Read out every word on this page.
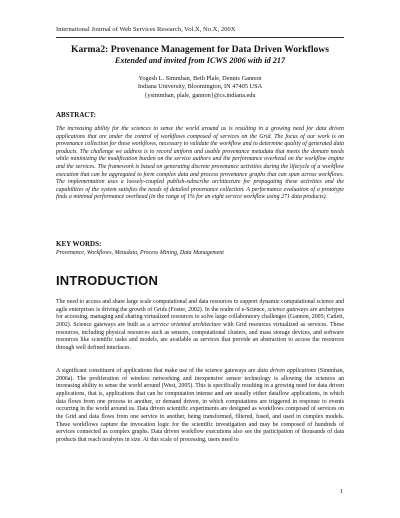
International Journal of Web Services Research, Vol.X, No.X, 200X
Karma2: Provenance Management for Data Driven Workflows
Extended and invited from ICWS 2006 with id 217
Yogesh L. Simmhan, Beth Plale, Dennis Gannon
Indiana University, Bloomington, IN 47405 USA
{ysimmhan, plale, gannon}@cs.indiana.edu
ABSTRACT:
The increasing ability for the sciences to sense the world around us is resulting in a growing need for data driven applications that are under the control of workflows composed of services on the Grid. The focus of our work is on provenance collection for these workflows, necessary to validate the workflow and to determine quality of generated data products. The challenge we address is to record uniform and usable provenance metadata that meets the domain needs while minimizing the modification burden on the service authors and the performance overhead on the workflow engine and the services. The framework is based on generating discrete provenance activities during the lifecycle of a workflow execution that can be aggregated to form complex data and process provenance graphs that can span across workflows. The implementation uses a loosely-coupled publish-subscribe architecture for propagating these activities and the capabilities of the system satisfies the needs of detailed provenance collection. A performance evaluation of a prototype finds a minimal performance overhead (in the range of 1% for an eight service workflow using 271 data products).
KEY WORDS:
Provenance, Workflows, Metadata, Process Mining, Data Management
INTRODUCTION
The need to access and share large scale computational and data resources to support dynamic computational science and agile enterprises is driving the growth of Grids (Foster, 2002). In the realm of e-Science, science gateways are archetypes for accessing, managing and sharing virtualized resources to solve large collaboratory challenges (Gannon, 2005; Catlett, 2002). Science gateways are built as a service oriented architecture with Grid resources virtualized as services. These resources, including physical resources such as sensors, computational clusters, and mass storage devices, and software resources like scientific tasks and models, are available as services that provide an abstraction to access the resources through well defined interfaces.
A significant constituent of applications that make use of the science gateways are data driven applications (Simmhan, 2006a). The proliferation of wireless networking and inexpensive sensor technology is allowing the sciences an increasing ability to sense the world around (West, 2005). This is specifically resulting in a growing need for data driven applications, that is, applications that can be computation intense and are usually either dataflow applications, in which data flows from one process to another, or demand driven, in which computations are triggered in response to events occurring in the world around us. Data driven scientific experiments are designed as workflows composed of services on the Grid and data flows from one service to another, being transformed, filtered, fused, and used in complex models. These workflows capture the invocation logic for the scientific investigation and may be composed of hundreds of services connected as complex graphs. Data driven workflow executions also see the participation of thousands of data products that reach terabytes in size. At this scale of processing, users need to
1
